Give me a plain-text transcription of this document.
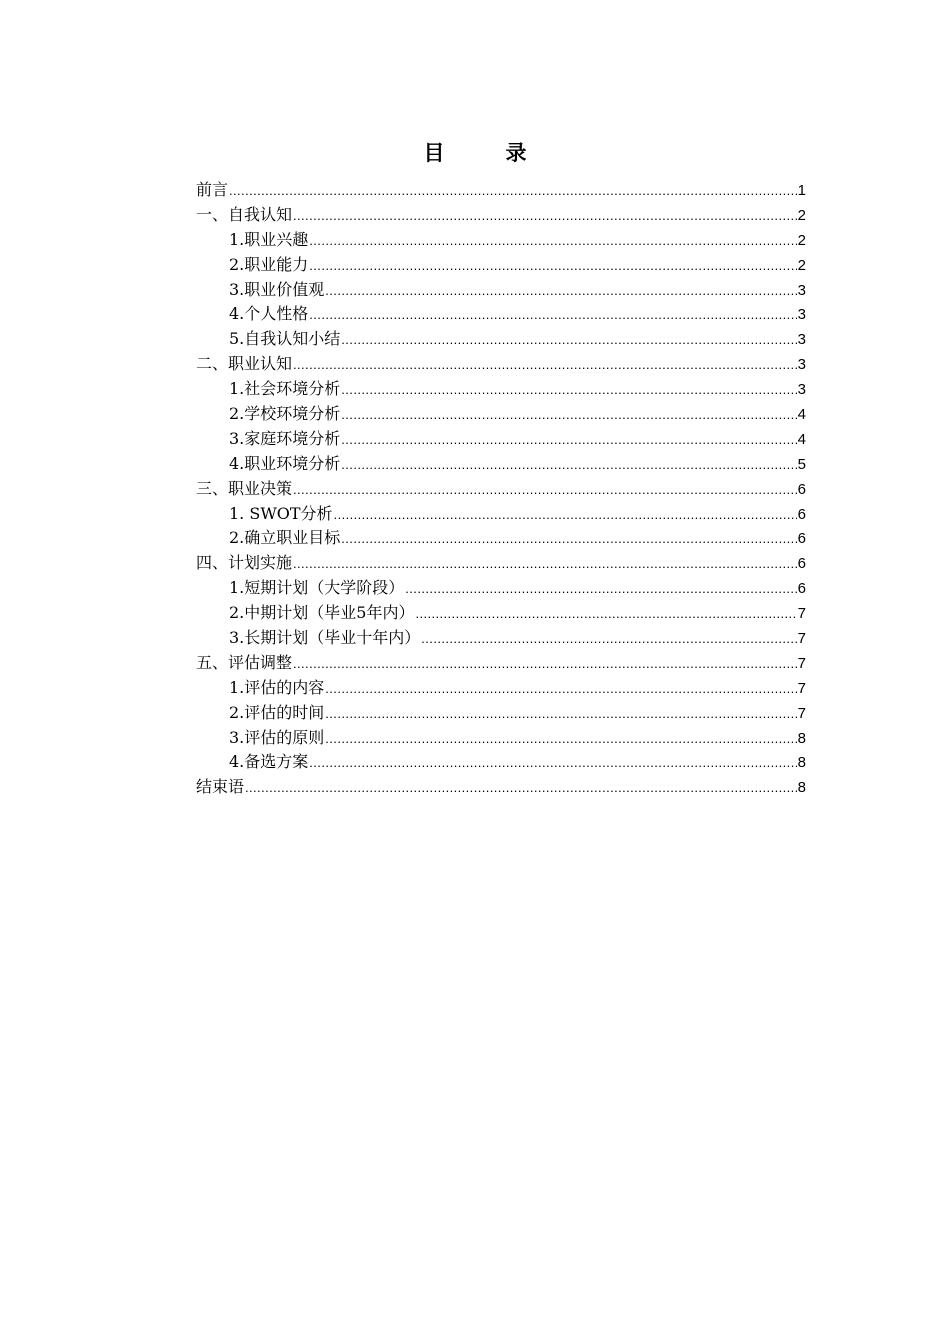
目　录
前言 .....	1
一、自我认知 .....	2
1.职业兴趣 .....	2
2.职业能力 .....	2
3.职业价值观 .....	3
4.个人性格 .....	3
5.自我认知小结 .....	3
二、职业认知 .....	3
1.社会环境分析 .....	3
2.学校环境分析 .....	4
3.家庭环境分析 .....	4
4.职业环境分析 .....	5
三、职业决策 .....	6
1. SWOT分析 .....	6
2.确立职业目标 .....	6
四、计划实施 .....	6
1.短期计划（大学阶段） .....	6
2.中期计划（毕业5年内） .....	7
3.长期计划（毕业十年内） .....	7
五、评估调整 .....	7
1.评估的内容 .....	7
2.评估的时间 .....	7
3.评估的原则 .....	8
4.备选方案 .....	8
结束语 .....	8
